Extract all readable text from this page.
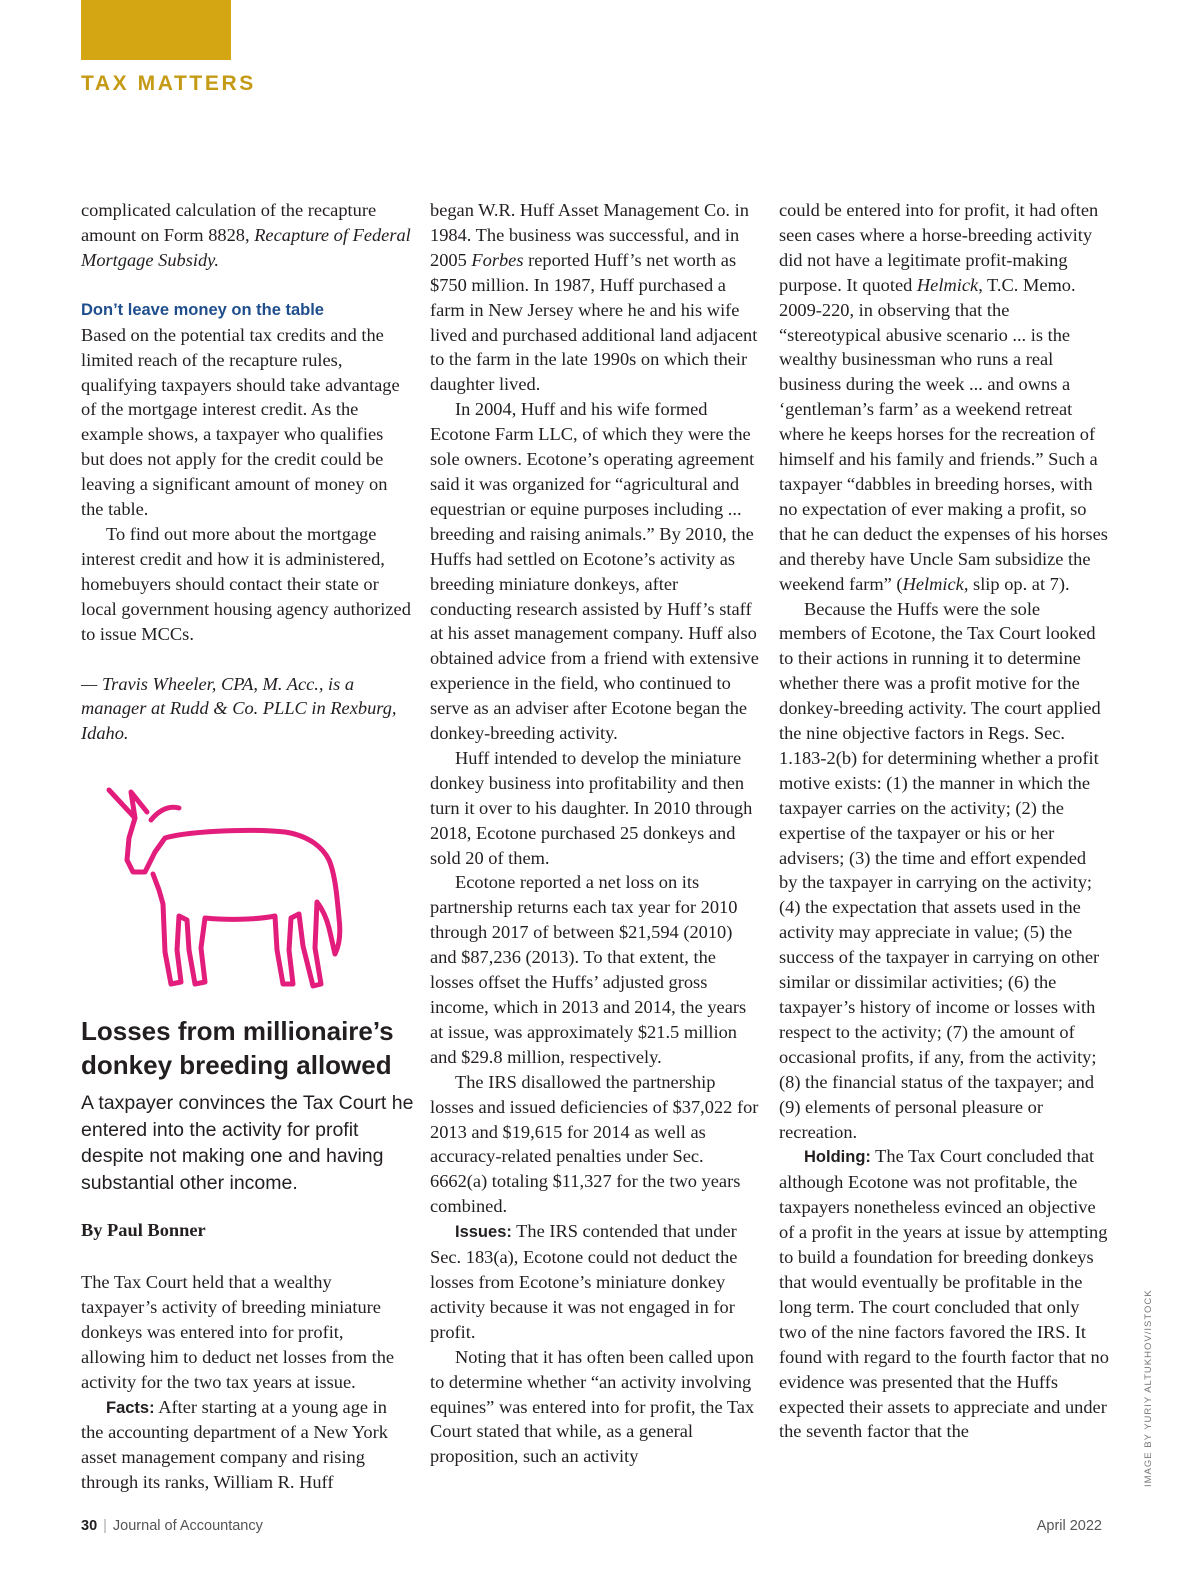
TAX MATTERS

complicated calculation of the recapture amount on Form 8828, Recapture of Federal Mortgage Subsidy.

Don’t leave money on the table

Based on the potential tax credits and the limited reach of the recapture rules, qualifying taxpayers should take advantage of the mortgage interest credit. As the example shows, a taxpayer who qualifies but does not apply for the credit could be leaving a significant amount of money on the table.

To find out more about the mortgage interest credit and how it is administered, homebuyers should contact their state or local government housing agency authorized to issue MCCs.

— Travis Wheeler, CPA, M. Acc., is a manager at Rudd & Co. PLLC in Rexburg, Idaho.

Losses from millionaire’s donkey breeding allowed

A taxpayer convinces the Tax Court he entered into the activity for profit despite not making one and having substantial other income.

By Paul Bonner

The Tax Court held that a wealthy taxpayer’s activity of breeding miniature donkeys was entered into for profit, allowing him to deduct net losses from the activity for the two tax years at issue.

Facts: After starting at a young age in the accounting department of a New York asset management company and rising through its ranks, William R. Huff

began W.R. Huff Asset Management Co. in 1984. The business was successful, and in 2005 Forbes reported Huff’s net worth as $750 million. In 1987, Huff purchased a farm in New Jersey where he and his wife lived and purchased additional land adjacent to the farm in the late 1990s on which their daughter lived.

In 2004, Huff and his wife formed Ecotone Farm LLC, of which they were the sole owners. Ecotone’s operating agreement said it was organized for “agricultural and equestrian or equine purposes including ... breeding and raising animals.” By 2010, the Huffs had settled on Ecotone’s activity as breeding miniature donkeys, after conducting research assisted by Huff’s staff at his asset management company. Huff also obtained advice from a friend with extensive experience in the field, who continued to serve as an adviser after Ecotone began the donkey-breeding activity.

Huff intended to develop the miniature donkey business into profitability and then turn it over to his daughter. In 2010 through 2018, Ecotone purchased 25 donkeys and sold 20 of them.

Ecotone reported a net loss on its partnership returns each tax year for 2010 through 2017 of between $21,594 (2010) and $87,236 (2013). To that extent, the losses offset the Huffs’ adjusted gross income, which in 2013 and 2014, the years at issue, was approximately $21.5 million and $29.8 million, respectively.

The IRS disallowed the partnership losses and issued deficiencies of $37,022 for 2013 and $19,615 for 2014 as well as accuracy-related penalties under Sec. 6662(a) totaling $11,327 for the two years combined.

Issues: The IRS contended that under Sec. 183(a), Ecotone could not deduct the losses from Ecotone’s miniature donkey activity because it was not engaged in for profit.

Noting that it has often been called upon to determine whether “an activity involving equines” was entered into for profit, the Tax Court stated that while, as a general proposition, such an activity

could be entered into for profit, it had often seen cases where a horse-breeding activity did not have a legitimate profit-making purpose. It quoted Helmick, T.C. Memo. 2009-220, in observing that the “stereotypical abusive scenario ... is the wealthy businessman who runs a real business during the week ... and owns a ‘gentleman’s farm’ as a weekend retreat where he keeps horses for the recreation of himself and his family and friends.” Such a taxpayer “dabbles in breeding horses, with no expectation of ever making a profit, so that he can deduct the expenses of his horses and thereby have Uncle Sam subsidize the weekend farm” (Helmick, slip op. at 7).

Because the Huffs were the sole members of Ecotone, the Tax Court looked to their actions in running it to determine whether there was a profit motive for the donkey-breeding activity. The court applied the nine objective factors in Regs. Sec. 1.183-2(b) for determining whether a profit motive exists: (1) the manner in which the taxpayer carries on the activity; (2) the expertise of the taxpayer or his or her advisers; (3) the time and effort expended by the taxpayer in carrying on the activity; (4) the expectation that assets used in the activity may appreciate in value; (5) the success of the taxpayer in carrying on other similar or dissimilar activities; (6) the taxpayer’s history of income or losses with respect to the activity; (7) the amount of occasional profits, if any, from the activity; (8) the financial status of the taxpayer; and (9) elements of personal pleasure or recreation.

Holding: The Tax Court concluded that although Ecotone was not profitable, the taxpayers nonetheless evinced an objective of a profit in the years at issue by attempting to build a foundation for breeding donkeys that would eventually be profitable in the long term. The court concluded that only two of the nine factors favored the IRS. It found with regard to the fourth factor that no evidence was presented that the Huffs expected their assets to appreciate and under the seventh factor that the	IMAGE BY YURIY ALTUKHOV/ISTOCK
30 | Journal of Accountancy	April 2022
